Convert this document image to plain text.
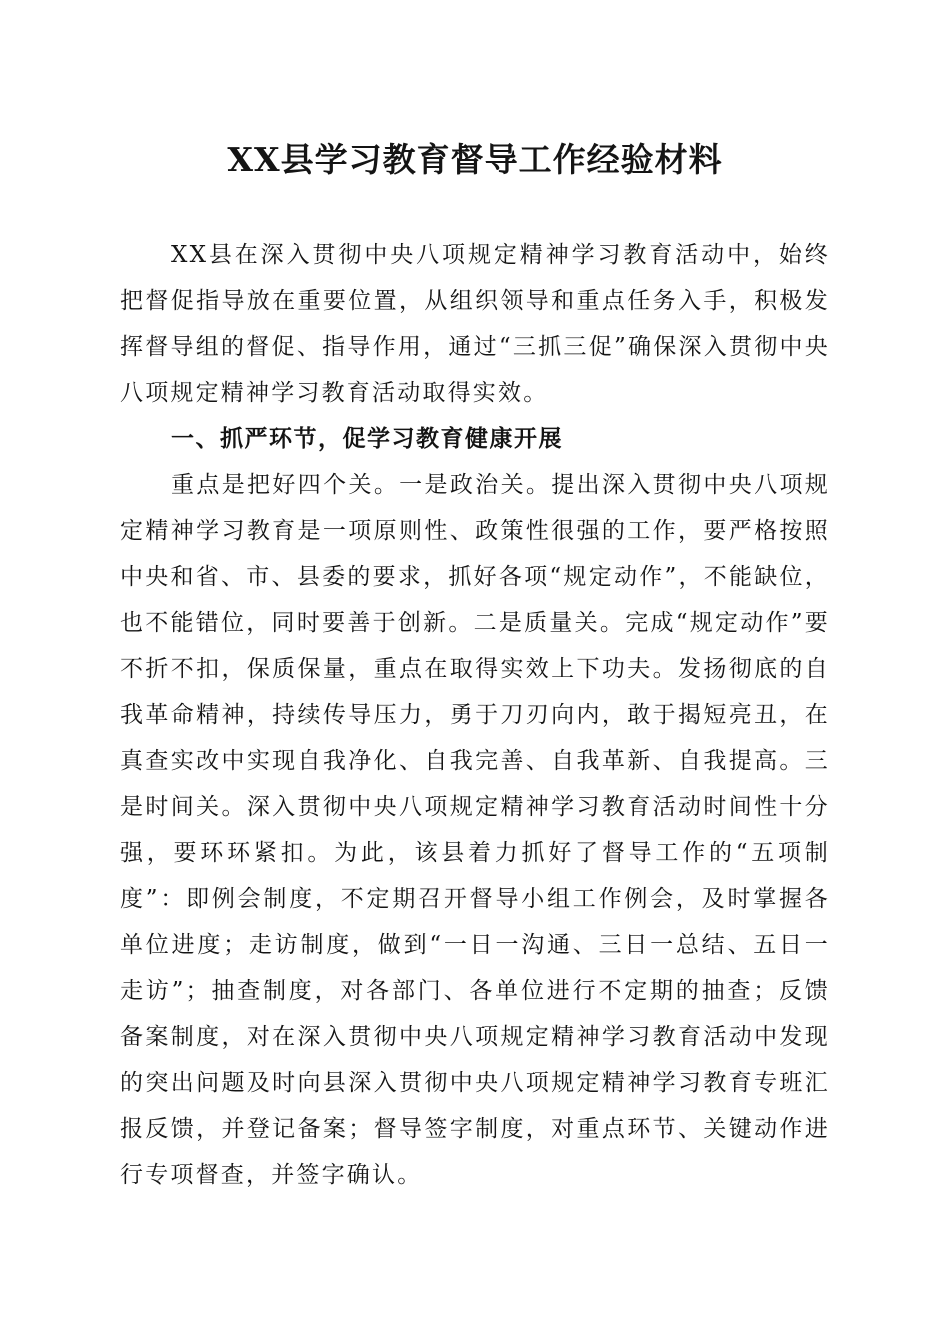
XX县学习教育督导工作经验材料

XX县在深入贯彻中央八项规定精神学习教育活动中，始终把督促指导放在重要位置，从组织领导和重点任务入手，积极发挥督导组的督促、指导作用，通过“三抓三促”确保深入贯彻中央八项规定精神学习教育活动取得实效。

一、抓严环节，促学习教育健康开展

重点是把好四个关。一是政治关。提出深入贯彻中央八项规定精神学习教育是一项原则性、政策性很强的工作，要严格按照中央和省、市、县委的要求，抓好各项“规定动作”，不能缺位，也不能错位，同时要善于创新。二是质量关。完成“规定动作”要不折不扣，保质保量，重点在取得实效上下功夫。发扬彻底的自我革命精神，持续传导压力，勇于刀刃向内，敢于揭短亮丑，在真查实改中实现自我净化、自我完善、自我革新、自我提高。三是时间关。深入贯彻中央八项规定精神学习教育活动时间性十分强，要环环紧扣。为此，该县着力抓好了督导工作的“五项制度”：即例会制度，不定期召开督导小组工作例会，及时掌握各单位进度；走访制度，做到“一日一沟通、三日一总结、五日一走访”；抽查制度，对各部门、各单位进行不定期的抽查；反馈备案制度，对在深入贯彻中央八项规定精神学习教育活动中发现的突出问题及时向县深入贯彻中央八项规定精神学习教育专班汇报反馈，并登记备案；督导签字制度，对重点环节、关键动作进行专项督查，并签字确认。
